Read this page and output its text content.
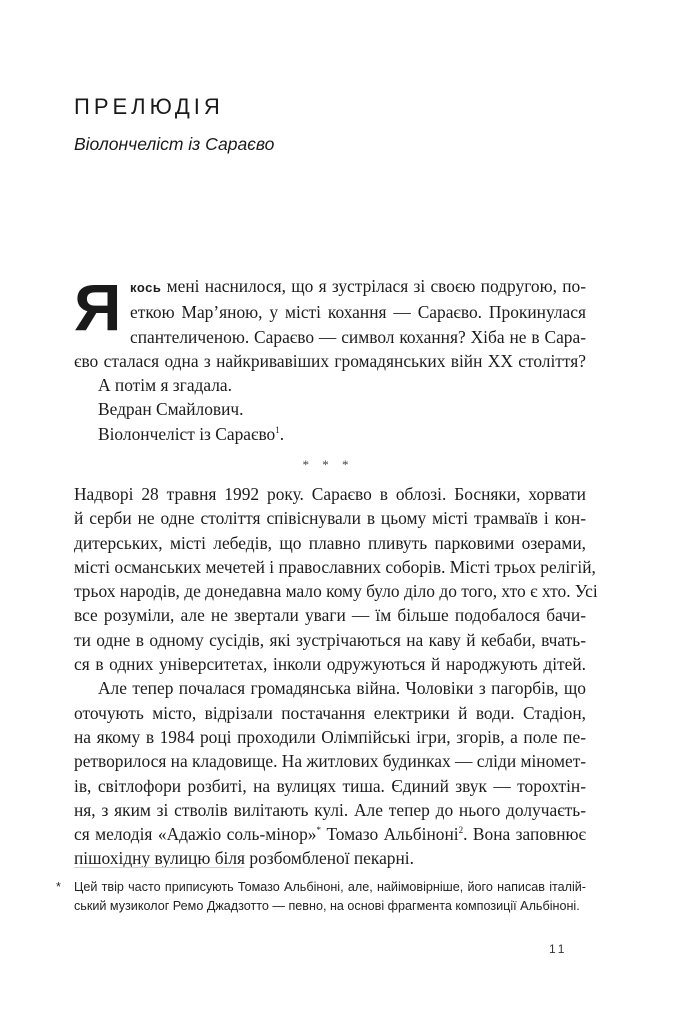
ПРЕЛЮДІЯ
Віолончеліст із Сараєво
Я кось мені наснилося, що я зустрілася зі своєю подругою, по-
еткою Мар’яною, у місті кохання — Сараєво. Прокинулася
спантеличеною. Сараєво — символ кохання? Хіба не в Сара-
єво сталася одна з найкривавіших громадянських війн XX століття?
А потім я згадала.
Ведран Смайлович.
Віолончеліст із Сараєво$^1$.
* * *
Надворі 28 травня 1992 року. Сараєво в облозі. Босняки, хорвати
й серби не одне століття співіснували в цьому місті трамваїв і кон-
дитерських, місті лебедів, що плавно пливуть парковими озерами,
місті османських мечетей і православних соборів. Місті трьох релігій,
трьох народів, де донедавна мало кому було діло до того, хто є хто. Усі
все розуміли, але не звертали уваги — їм більше подобалося бачи-
ти одне в одному сусідів, які зустрічаються на каву й кебаби, вчать-
ся в одних університетах, інколи одружуються й народжують дітей.
Але тепер почалася громадянська війна. Чоловіки з пагорбів, що
оточують місто, відрізали постачання електрики й води. Стадіон,
на якому в 1984 році проходили Олімпійські ігри, згорів, а поле пе-
ретворилося на кладовище. На житлових будинках — сліди міномет-
ів, світлофори розбиті, на вулицях тиша. Єдиний звук — торохтін-
ня, з яким зі стволів вилітають кулі. Але тепер до нього долучаєть-
ся мелодія «Адажіо соль-мінор»* Томазо Альбіноні$^2$. Вона заповнює
пішохідну вулицю біля розбомбленої пекарні.
* Цей твір часто приписують Томазо Альбіноні, але, найімовірніше, його написав італій-
ський музиколог Ремо Джадзотто — певно, на основі фрагмента композиції Альбіноні.
11
